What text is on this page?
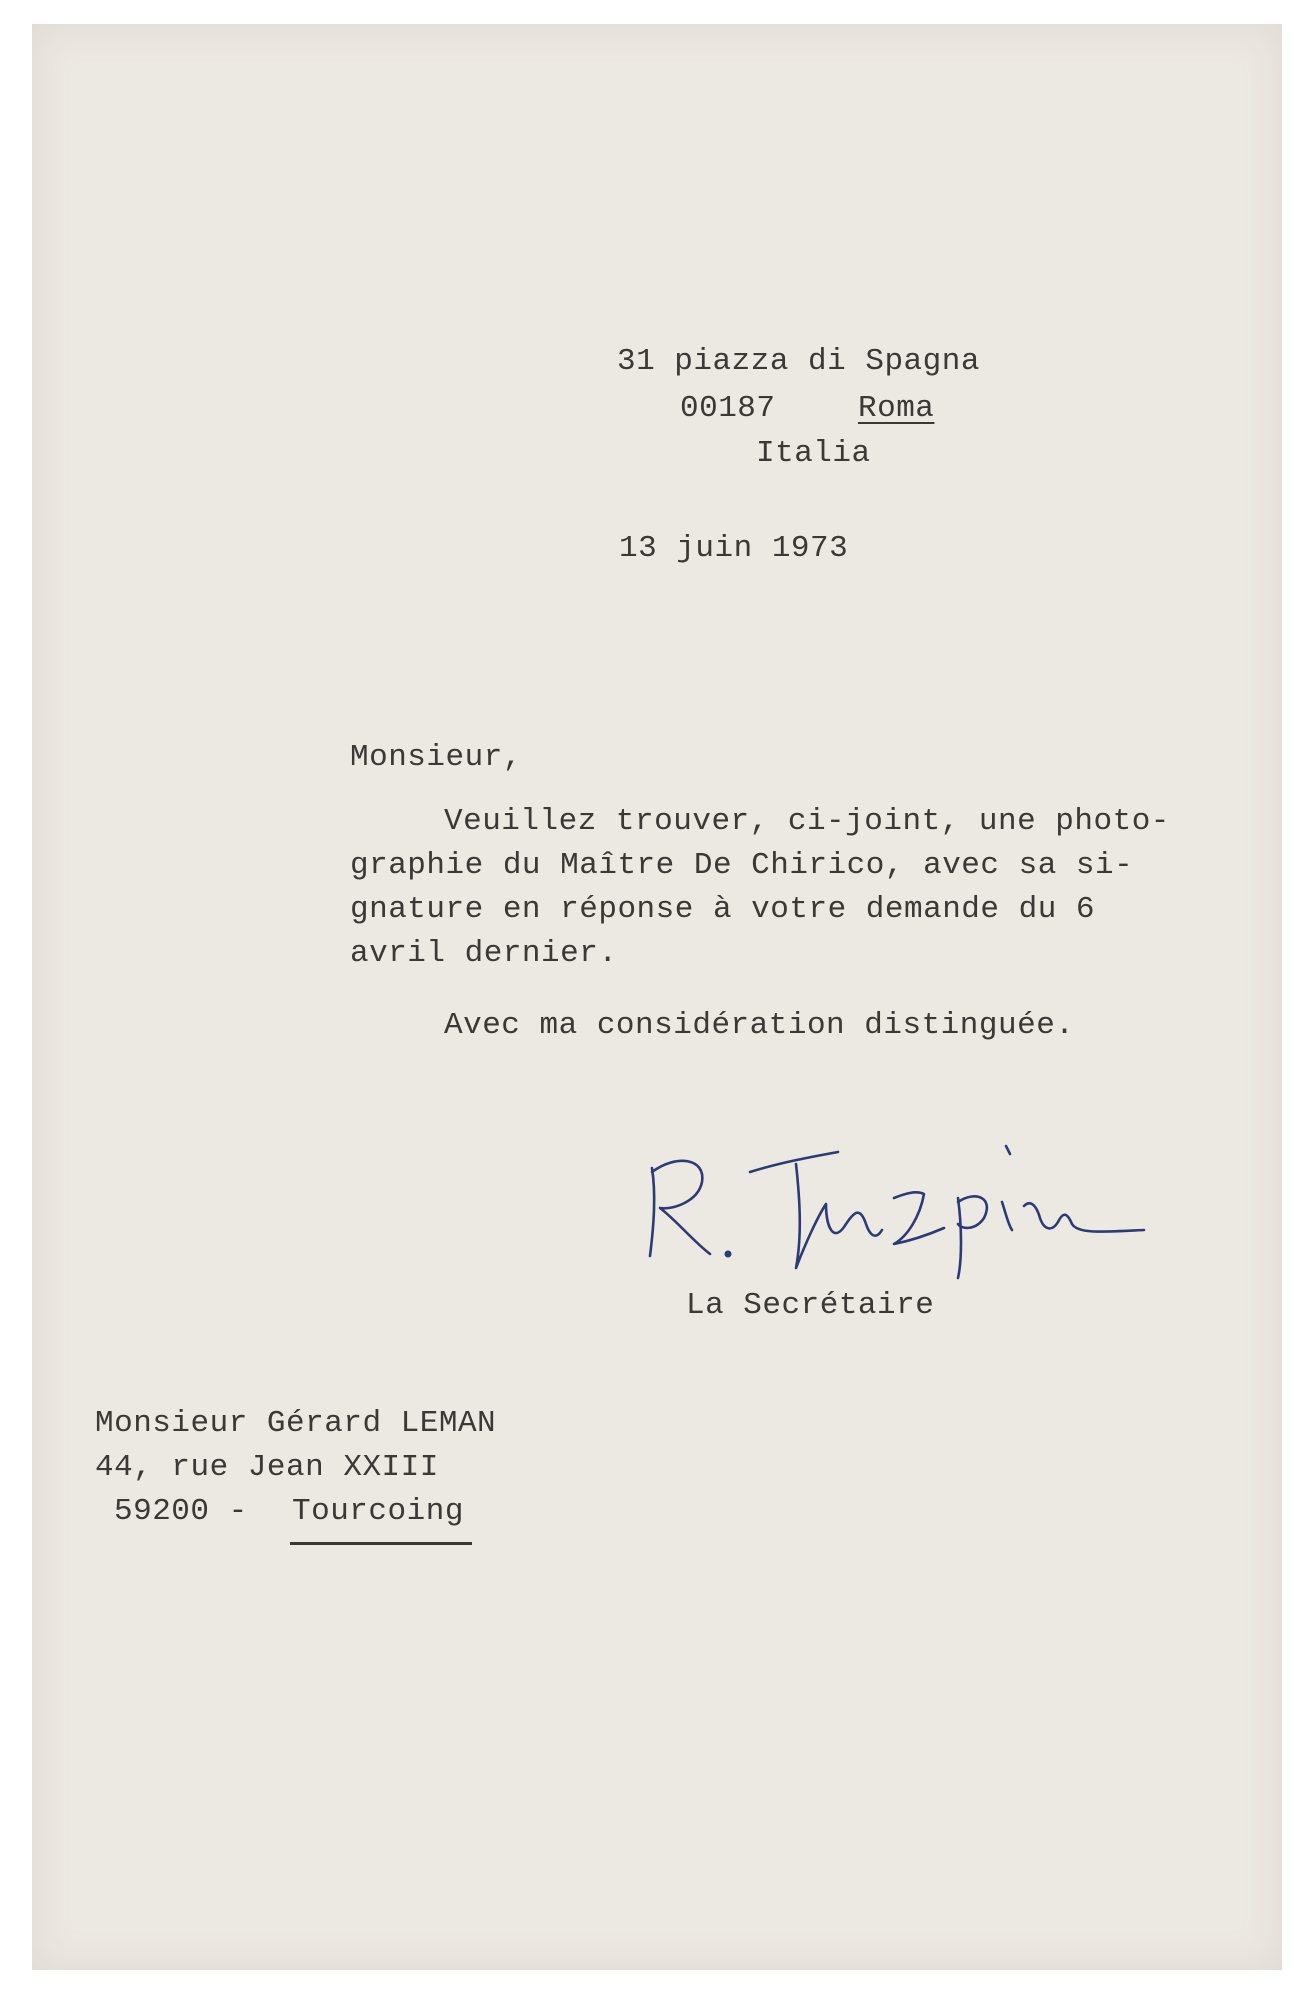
31 piazza di Spagna
00187	Roma
Italia
13 juin 1973
Monsieur,
Veuillez trouver, ci-joint, une photo-
graphie du Maître De Chirico, avec sa si-
gnature en réponse à votre demande du 6
avril dernier.
Avec ma considération distinguée.
La Secrétaire
Monsieur Gérard LEMAN
44, rue Jean XXIII
59200 - Tourcoing
